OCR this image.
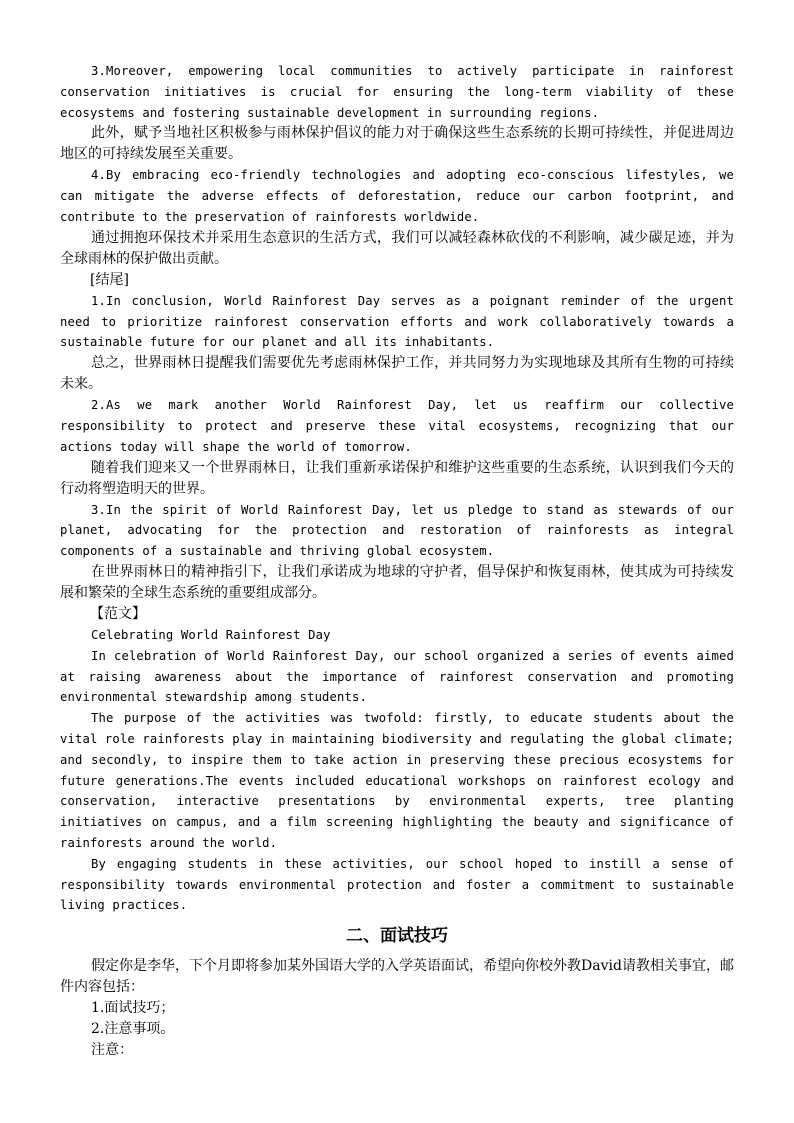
3.Moreover, empowering local communities to actively participate in rainforest conservation initiatives is crucial for ensuring the long-term viability of these ecosystems and fostering sustainable development in surrounding regions.

此外，赋予当地社区积极参与雨林保护倡议的能力对于确保这些生态系统的长期可持续性，并促进周边地区的可持续发展至关重要。

4.By embracing eco-friendly technologies and adopting eco-conscious lifestyles, we can mitigate the adverse effects of deforestation, reduce our carbon footprint, and contribute to the preservation of rainforests worldwide.

通过拥抱环保技术并采用生态意识的生活方式，我们可以减轻森林砍伐的不利影响，减少碳足迹，并为全球雨林的保护做出贡献。

[结尾]

1.In conclusion, World Rainforest Day serves as a poignant reminder of the urgent need to prioritize rainforest conservation efforts and work collaboratively towards a sustainable future for our planet and all its inhabitants.

总之，世界雨林日提醒我们需要优先考虑雨林保护工作，并共同努力为实现地球及其所有生物的可持续未来。

2.As we mark another World Rainforest Day, let us reaffirm our collective responsibility to protect and preserve these vital ecosystems, recognizing that our actions today will shape the world of tomorrow.

随着我们迎来又一个世界雨林日，让我们重新承诺保护和维护这些重要的生态系统，认识到我们今天的行动将塑造明天的世界。

3.In the spirit of World Rainforest Day, let us pledge to stand as stewards of our planet, advocating for the protection and restoration of rainforests as integral components of a sustainable and thriving global ecosystem.

在世界雨林日的精神指引下，让我们承诺成为地球的守护者，倡导保护和恢复雨林，使其成为可持续发展和繁荣的全球生态系统的重要组成部分。

【范文】

Celebrating World Rainforest Day

In celebration of World Rainforest Day, our school organized a series of events aimed at raising awareness about the importance of rainforest conservation and promoting environmental stewardship among students.

The purpose of the activities was twofold: firstly, to educate students about the vital role rainforests play in maintaining biodiversity and regulating the global climate; and secondly, to inspire them to take action in preserving these precious ecosystems for future generations.The events included educational workshops on rainforest ecology and conservation, interactive presentations by environmental experts, tree planting initiatives on campus, and a film screening highlighting the beauty and significance of rainforests around the world.

By engaging students in these activities, our school hoped to instill a sense of responsibility towards environmental protection and foster a commitment to sustainable living practices.

二、面试技巧

假定你是李华，下个月即将参加某外国语大学的入学英语面试，希望向你校外教David请教相关事宜，邮件内容包括：

1.面试技巧；

2.注意事项。

注意：
